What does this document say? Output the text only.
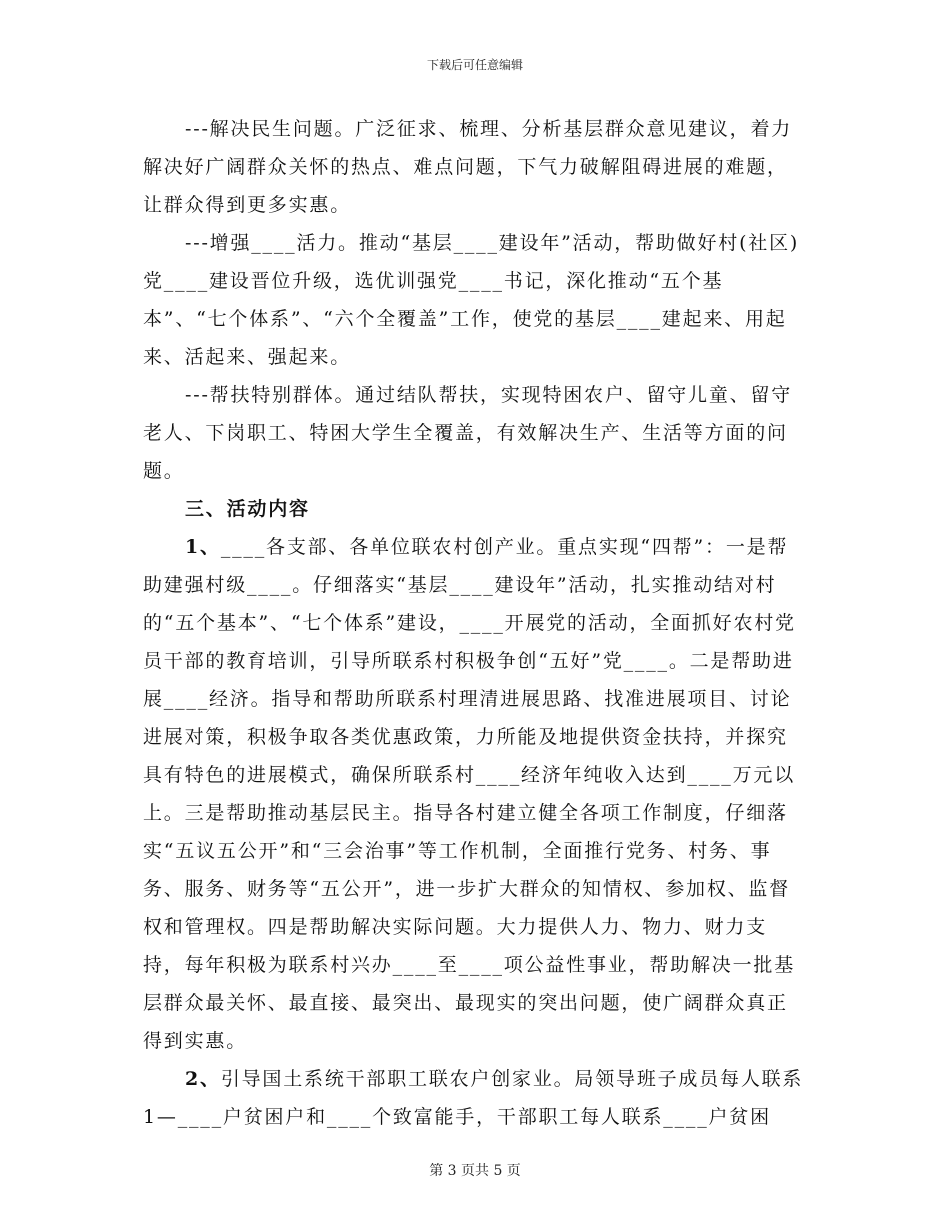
下载后可任意编辑

---解决民生问题。广泛征求、梳理、分析基层群众意见建议，着力解决好广阔群众关怀的热点、难点问题，下气力破解阻碍进展的难题，让群众得到更多实惠。

---增强____活力。推动“基层____建设年”活动，帮助做好村(社区)党____建设晋位升级，选优训强党____书记，深化推动“五个基本”、“七个体系”、“六个全覆盖”工作，使党的基层____建起来、用起来、活起来、强起来。

---帮扶特别群体。通过结队帮扶，实现特困农户、留守儿童、留守老人、下岗职工、特困大学生全覆盖，有效解决生产、生活等方面的问题。

三、活动内容

1、____各支部、各单位联农村创产业。重点实现“四帮”：一是帮助建强村级____。仔细落实“基层____建设年”活动，扎实推动结对村的“五个基本”、“七个体系”建设，____开展党的活动，全面抓好农村党员干部的教育培训，引导所联系村积极争创“五好”党____。二是帮助进展____经济。指导和帮助所联系村理清进展思路、找准进展项目、讨论进展对策，积极争取各类优惠政策，力所能及地提供资金扶持，并探究具有特色的进展模式，确保所联系村____经济年纯收入达到____万元以上。三是帮助推动基层民主。指导各村建立健全各项工作制度，仔细落实“五议五公开”和“三会治事”等工作机制，全面推行党务、村务、事务、服务、财务等“五公开”，进一步扩大群众的知情权、参加权、监督权和管理权。四是帮助解决实际问题。大力提供人力、物力、财力支持，每年积极为联系村兴办____至____项公益性事业，帮助解决一批基层群众最关怀、最直接、最突出、最现实的突出问题，使广阔群众真正得到实惠。

2、引导国土系统干部职工联农户创家业。局领导班子成员每人联系1—____户贫困户和____个致富能手，干部职工每人联系____户贫困

第 3 页共 5 页
